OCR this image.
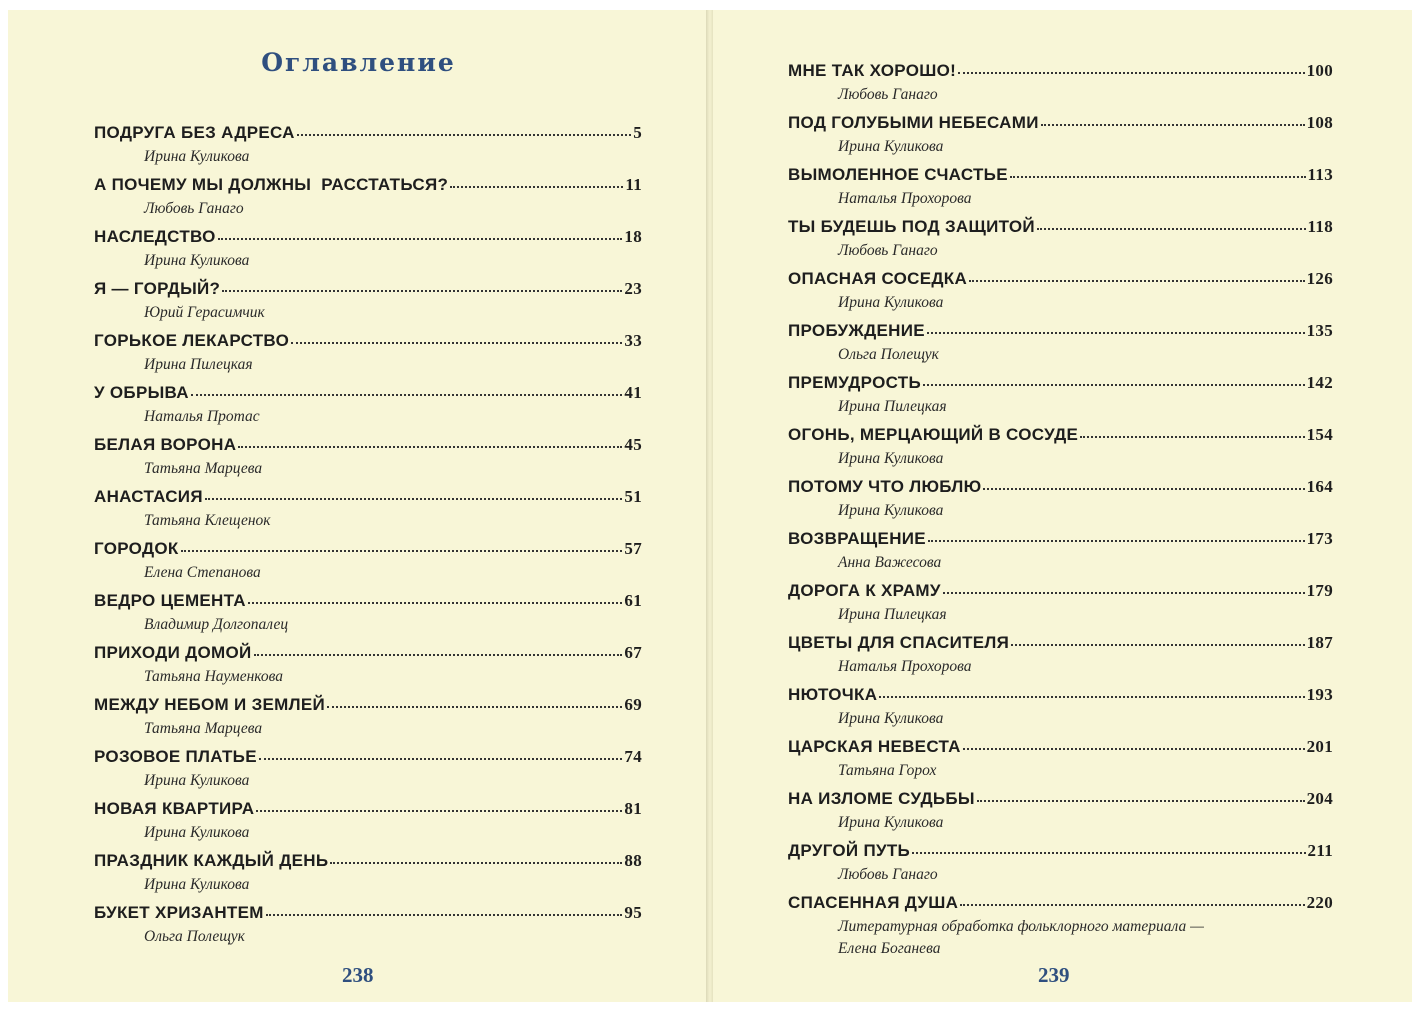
Оглавление
ПОДРУГА БЕЗ АДРЕСА	5
Ирина Куликова
А ПОЧЕМУ МЫ ДОЛЖНЫ  РАССТАТЬСЯ?	11
Любовь Ганаго
НАСЛЕДСТВО	18
Ирина Куликова
Я — ГОРДЫЙ?	23
Юрий Герасимчик
ГОРЬКОЕ ЛЕКАРСТВО	33
Ирина Пилецкая
У ОБРЫВА	41
Наталья Протас
БЕЛАЯ ВОРОНА	45
Татьяна Марцева
АНАСТАСИЯ	51
Татьяна Клещенок
ГОРОДОК	57
Елена Степанова
ВЕДРО ЦЕМЕНТА	61
Владимир Долгопалец
ПРИХОДИ ДОМОЙ	67
Татьяна Науменкова
МЕЖДУ НЕБОМ И ЗЕМЛЕЙ	69
Татьяна Марцева
РОЗОВОЕ ПЛАТЬЕ	74
Ирина Куликова
НОВАЯ КВАРТИРА	81
Ирина Куликова
ПРАЗДНИК КАЖДЫЙ ДЕНЬ	88
Ирина Куликова
БУКЕТ ХРИЗАНТЕМ	95
Ольга Полещук
238
МНЕ ТАК ХОРОШО!	100
Любовь Ганаго
ПОД ГОЛУБЫМИ НЕБЕСАМИ	108
Ирина Куликова
ВЫМОЛЕННОЕ СЧАСТЬЕ	113
Наталья Прохорова
ТЫ БУДЕШЬ ПОД ЗАЩИТОЙ	118
Любовь Ганаго
ОПАСНАЯ СОСЕДКА	126
Ирина Куликова
ПРОБУЖДЕНИЕ	135
Ольга Полещук
ПРЕМУДРОСТЬ	142
Ирина Пилецкая
ОГОНЬ, МЕРЦАЮЩИЙ В СОСУДЕ	154
Ирина Куликова
ПОТОМУ ЧТО ЛЮБЛЮ	164
Ирина Куликова
ВОЗВРАЩЕНИЕ	173
Анна Важесова
ДОРОГА К ХРАМУ	179
Ирина Пилецкая
ЦВЕТЫ ДЛЯ СПАСИТЕЛЯ	187
Наталья Прохорова
НЮТОЧКА	193
Ирина Куликова
ЦАРСКАЯ НЕВЕСТА	201
Татьяна Горох
НА ИЗЛОМЕ СУДЬБЫ	204
Ирина Куликова
ДРУГОЙ ПУТЬ	211
Любовь Ганаго
СПАСЕННАЯ ДУША	220
Литературная обработка фольклорного материала —
Елена Боганева
239
